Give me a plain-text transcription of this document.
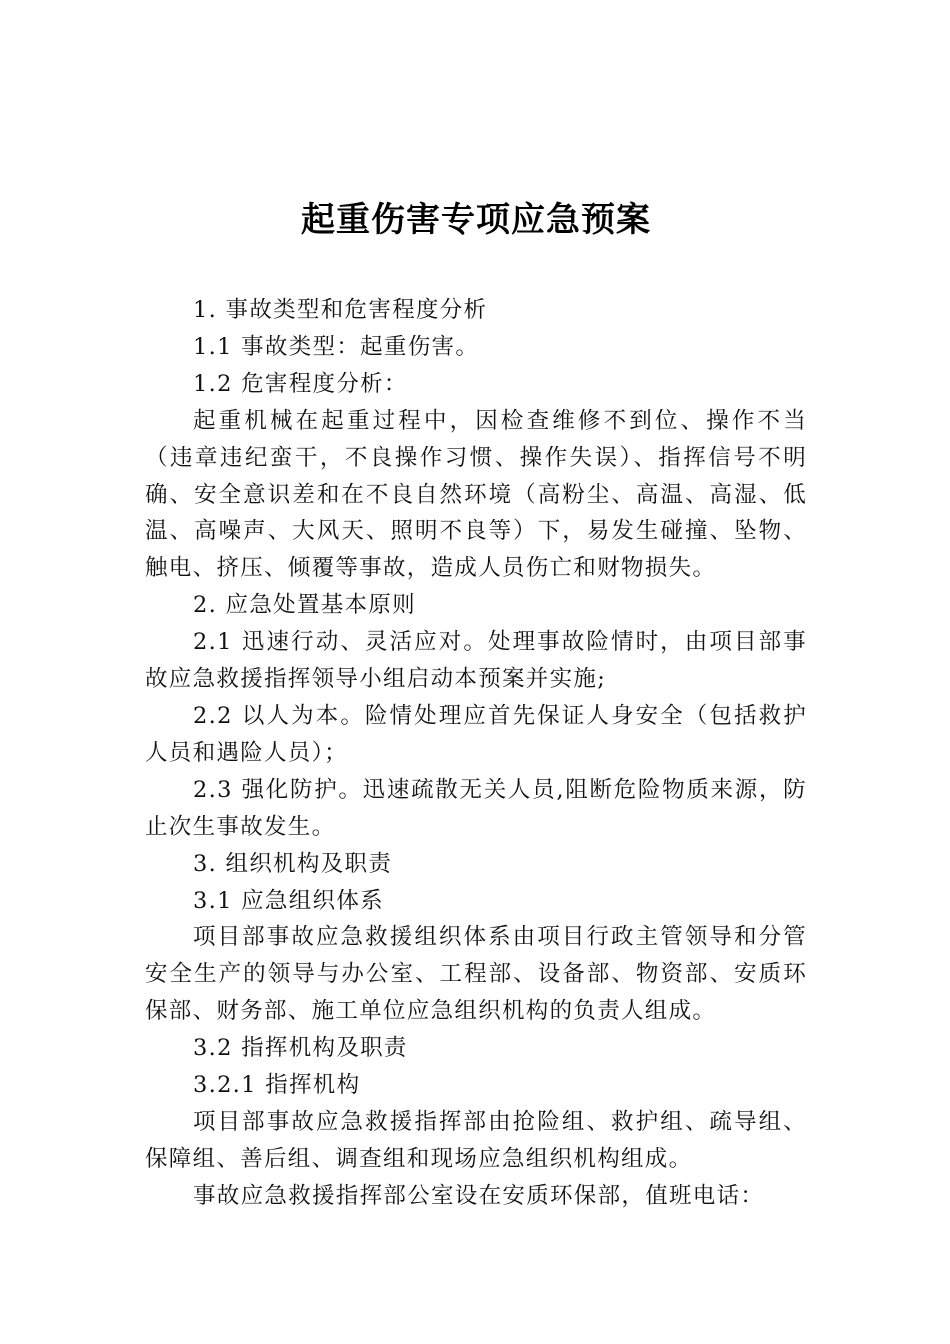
起重伤害专项应急预案

1. 事故类型和危害程度分析

1.1 事故类型：起重伤害。

1.2 危害程度分析：

起重机械在起重过程中，因检查维修不到位、操作不当（违章违纪蛮干，不良操作习惯、操作失误）、指挥信号不明确、安全意识差和在不良自然环境（高粉尘、高温、高湿、低温、高噪声、大风天、照明不良等）下，易发生碰撞、坠物、触电、挤压、倾覆等事故，造成人员伤亡和财物损失。

2. 应急处置基本原则

2.1 迅速行动、灵活应对。处理事故险情时，由项目部事故应急救援指挥领导小组启动本预案并实施;

2.2 以人为本。险情处理应首先保证人身安全（包括救护人员和遇险人员）；

2.3 强化防护。迅速疏散无关人员,阻断危险物质来源，防止次生事故发生。

3. 组织机构及职责

3.1 应急组织体系

项目部事故应急救援组织体系由项目行政主管领导和分管安全生产的领导与办公室、工程部、设备部、物资部、安质环保部、财务部、施工单位应急组织机构的负责人组成。

3.2 指挥机构及职责

3.2.1 指挥机构

项目部事故应急救援指挥部由抢险组、救护组、疏导组、保障组、善后组、调查组和现场应急组织机构组成。

事故应急救援指挥部公室设在安质环保部，值班电话：
